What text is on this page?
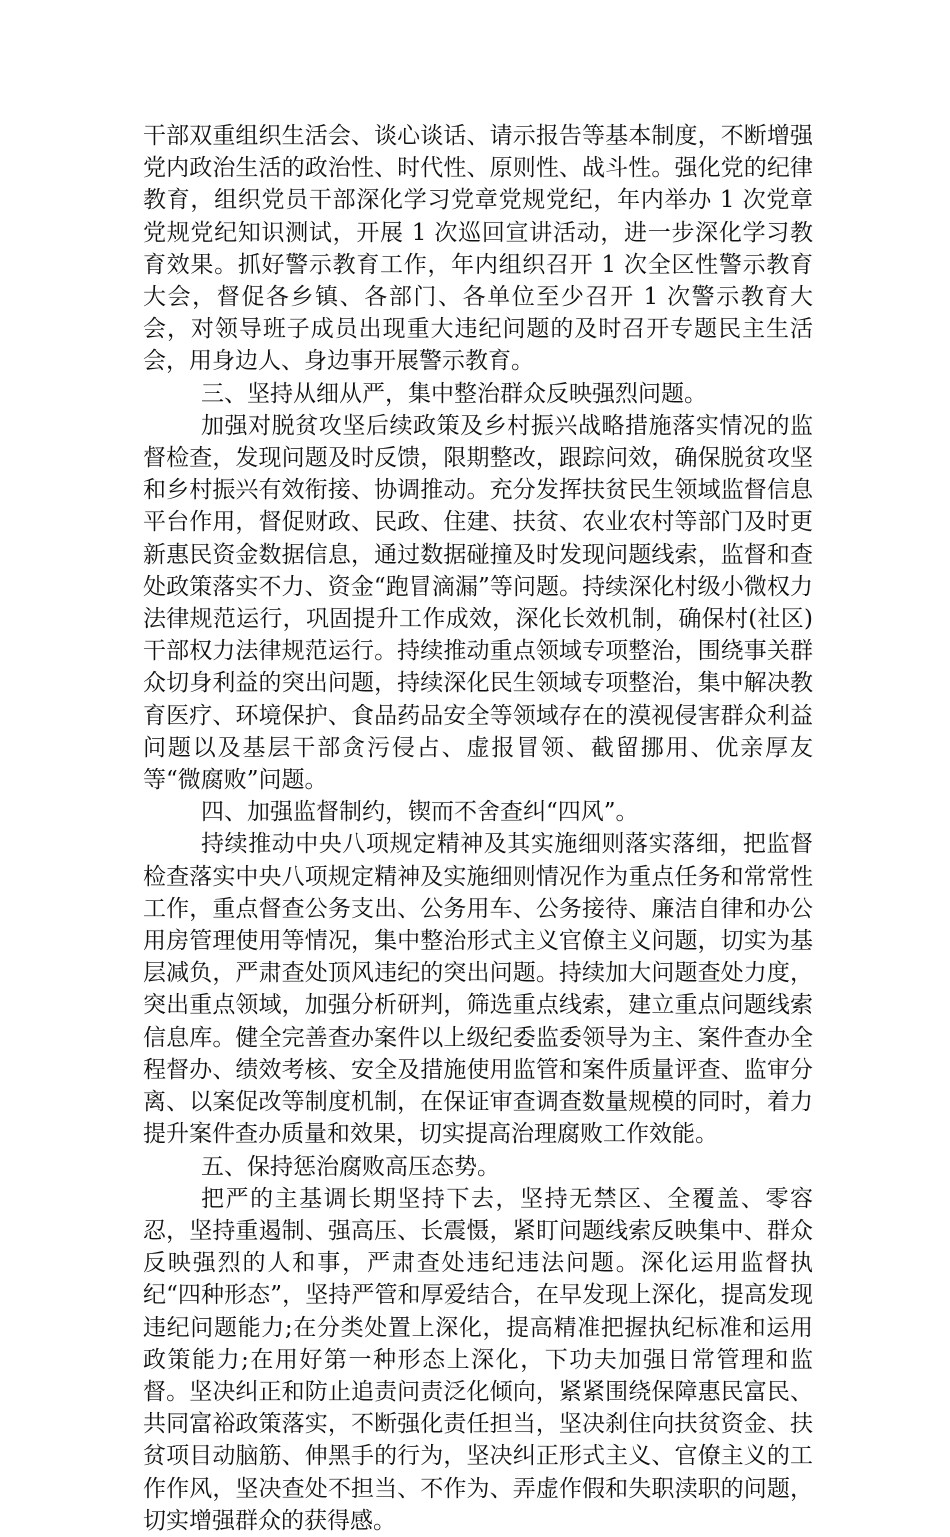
干部双重组织生活会、谈心谈话、请示报告等基本制度，不断增强党内政治生活的政治性、时代性、原则性、战斗性。强化党的纪律教育，组织党员干部深化学习党章党规党纪，年内举办 1 次党章党规党纪知识测试，开展 1 次巡回宣讲活动，进一步深化学习教育效果。抓好警示教育工作，年内组织召开 1 次全区性警示教育大会，督促各乡镇、各部门、各单位至少召开 1 次警示教育大会，对领导班子成员出现重大违纪问题的及时召开专题民主生活会，用身边人、身边事开展警示教育。

三、坚持从细从严，集中整治群众反映强烈问题。

加强对脱贫攻坚后续政策及乡村振兴战略措施落实情况的监督检查，发现问题及时反馈，限期整改，跟踪问效，确保脱贫攻坚和乡村振兴有效衔接、协调推动。充分发挥扶贫民生领域监督信息平台作用，督促财政、民政、住建、扶贫、农业农村等部门及时更新惠民资金数据信息，通过数据碰撞及时发现问题线索，监督和查处政策落实不力、资金“跑冒滴漏”等问题。持续深化村级小微权力法律规范运行，巩固提升工作成效，深化长效机制，确保村(社区)干部权力法律规范运行。持续推动重点领域专项整治，围绕事关群众切身利益的突出问题，持续深化民生领域专项整治，集中解决教育医疗、环境保护、食品药品安全等领域存在的漠视侵害群众利益问题以及基层干部贪污侵占、虚报冒领、截留挪用、优亲厚友等“微腐败”问题。

四、加强监督制约，锲而不舍查纠“四风”。

持续推动中央八项规定精神及其实施细则落实落细，把监督检查落实中央八项规定精神及实施细则情况作为重点任务和常常性工作，重点督查公务支出、公务用车、公务接待、廉洁自律和办公用房管理使用等情况，集中整治形式主义官僚主义问题，切实为基层减负，严肃查处顶风违纪的突出问题。持续加大问题查处力度，突出重点领域，加强分析研判，筛选重点线索，建立重点问题线索信息库。健全完善查办案件以上级纪委监委领导为主、案件查办全程督办、绩效考核、安全及措施使用监管和案件质量评查、监审分离、以案促改等制度机制，在保证审查调查数量规模的同时，着力提升案件查办质量和效果，切实提高治理腐败工作效能。

五、保持惩治腐败高压态势。

把严的主基调长期坚持下去，坚持无禁区、全覆盖、零容忍，坚持重遏制、强高压、长震慑，紧盯问题线索反映集中、群众反映强烈的人和事，严肃查处违纪违法问题。深化运用监督执纪“四种形态”，坚持严管和厚爱结合，在早发现上深化，提高发现违纪问题能力;在分类处置上深化，提高精准把握执纪标准和运用政策能力;在用好第一种形态上深化，下功夫加强日常管理和监督。坚决纠正和防止追责问责泛化倾向，紧紧围绕保障惠民富民、共同富裕政策落实，不断强化责任担当，坚决刹住向扶贫资金、扶贫项目动脑筋、伸黑手的行为，坚决纠正形式主义、官僚主义的工作作风，坚决查处不担当、不作为、弄虚作假和失职渎职的问题，切实增强群众的获得感。
